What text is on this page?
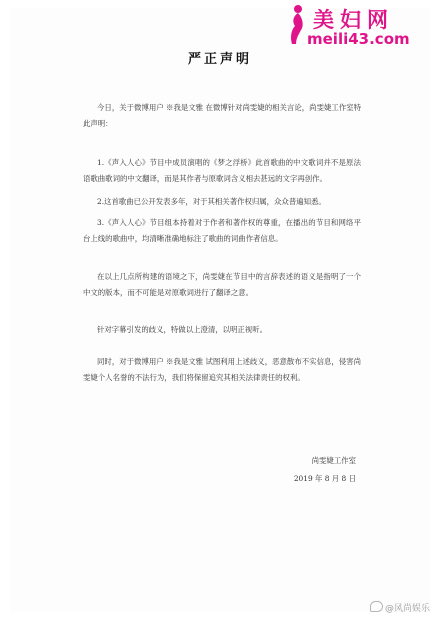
美妇网
meili43.com
严正声明

今日，关于微博用户 ※我是文雅 在微博针对尚雯婕的相关言论，尚雯婕工作室特此声明：

1.《声入人心》节目中成员演唱的《梦之浮桥》此首歌曲的中文歌词并不是原法语歌曲歌词的中文翻译，而是其作者与原歌词含义相去甚远的文字再创作。

2.这首歌曲已公开发表多年，对于其相关著作权归属，众众普遍知悉。

3.《声入人心》节目组本持着对于作者和著作权的尊重，在播出的节目和网络平台上线的歌曲中，均清晰准确地标注了歌曲的词曲作者信息。

在以上几点所构建的语境之下，尚雯婕在节目中的言辞表述的语义是指明了一个中文的版本，而不可能是对原歌词进行了翻译之意。

针对字幕引发的歧义，特做以上澄清，以明正视听。

同时，对于微博用户 ※我是文雅 试图利用上述歧义，恶意散布不实信息，侵害尚雯婕个人名誉的不法行为，我们将保留追究其相关法律责任的权利。

尚雯婕工作室
2019 年 8 月 8 日
@风尚娱乐
